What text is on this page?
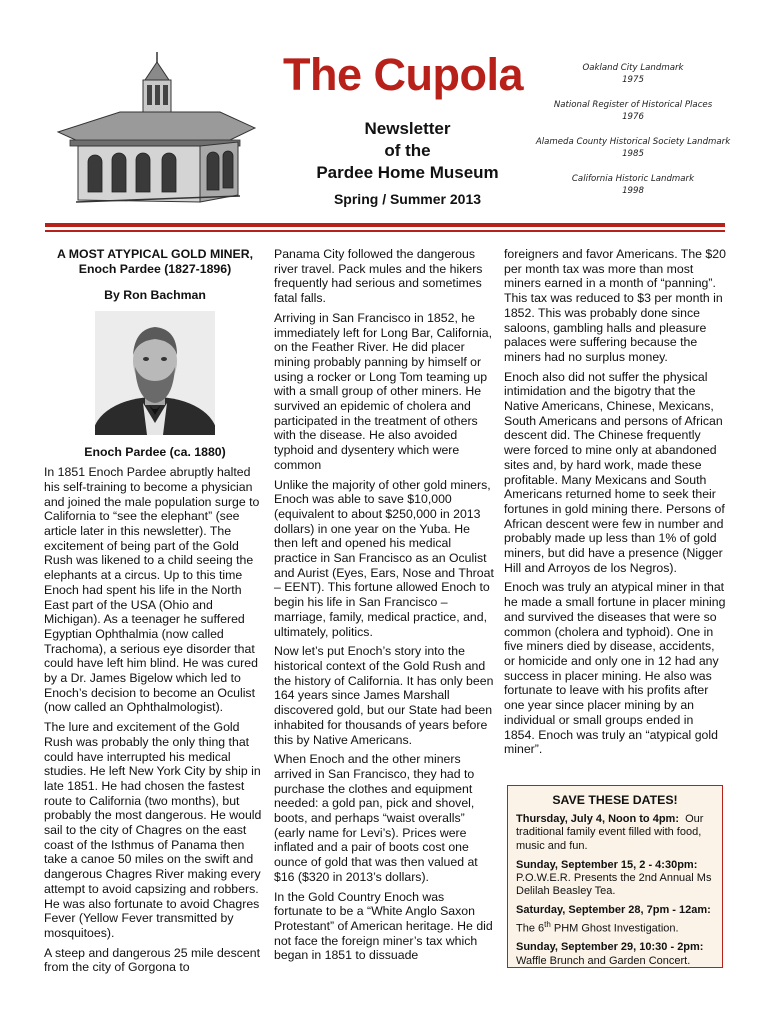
The Cupola
Newsletter
of the
Pardee Home Museum
Spring / Summer 2013
Oakland City Landmark
1975
National Register of Historical Places
1976
Alameda County Historical Society Landmark
1985
California Historic Landmark
1998
A MOST ATYPICAL GOLD MINER,
Enoch Pardee (1827-1896)
By Ron Bachman
Enoch Pardee (ca. 1880)

In 1851 Enoch Pardee abruptly halted his self-training to become a physician and joined the male population surge to California to “see the elephant” (see article later in this newsletter). The excitement of being part of the Gold Rush was likened to a child seeing the elephants at a circus. Up to this time Enoch had spent his life in the North East part of the USA (Ohio and Michigan). As a teenager he suffered Egyptian Ophthalmia (now called Trachoma), a serious eye disorder that could have left him blind. He was cured by a Dr. James Bigelow which led to Enoch’s decision to become an Oculist (now called an Ophthalmologist).

The lure and excitement of the Gold Rush was probably the only thing that could have interrupted his medical studies. He left New York City by ship in late 1851. He had chosen the fastest route to California (two months), but probably the most dangerous. He would sail to the city of Chagres on the east coast of the Isthmus of Panama then take a canoe 50 miles on the swift and dangerous Chagres River making every attempt to avoid capsizing and robbers. He was also fortunate to avoid Chagres Fever (Yellow Fever transmitted by mosquitoes).

A steep and dangerous 25 mile descent from the city of Gorgona to

Panama City followed the dangerous river travel. Pack mules and the hikers frequently had serious and sometimes fatal falls.

Arriving in San Francisco in 1852, he immediately left for Long Bar, California, on the Feather River. He did placer mining probably panning by himself or using a rocker or Long Tom teaming up with a small group of other miners. He survived an epidemic of cholera and participated in the treatment of others with the disease. He also avoided typhoid and dysentery which were common

Unlike the majority of other gold miners, Enoch was able to save $10,000 (equivalent to about $250,000 in 2013 dollars) in one year on the Yuba. He then left and opened his medical practice in San Francisco as an Oculist and Aurist (Eyes, Ears, Nose and Throat – EENT). This fortune allowed Enoch to begin his life in San Francisco – marriage, family, medical practice, and, ultimately, politics.

Now let’s put Enoch’s story into the historical context of the Gold Rush and the history of California. It has only been 164 years since James Marshall discovered gold, but our State had been inhabited for thousands of years before this by Native Americans.

When Enoch and the other miners arrived in San Francisco, they had to purchase the clothes and equipment needed: a gold pan, pick and shovel, boots, and perhaps “waist overalls” (early name for Levi’s). Prices were inflated and a pair of boots cost one ounce of gold that was then valued at $16 ($320 in 2013’s dollars).

In the Gold Country Enoch was fortunate to be a “White Anglo Saxon Protestant” of American heritage. He did not face the foreign miner’s tax which began in 1851 to dissuade

foreigners and favor Americans. The $20 per month tax was more than most miners earned in a month of “panning”. This tax was reduced to $3 per month in 1852. This was probably done since saloons, gambling halls and pleasure palaces were suffering because the miners had no surplus money.

Enoch also did not suffer the physical intimidation and the bigotry that the Native Americans, Chinese, Mexicans, South Americans and persons of African descent did. The Chinese frequently were forced to mine only at abandoned sites and, by hard work, made these profitable. Many Mexicans and South Americans returned home to seek their fortunes in gold mining there. Persons of African descent were few in number and probably made up less than 1% of gold miners, but did have a presence (Nigger Hill and Arroyos de los Negros).

Enoch was truly an atypical miner in that he made a small fortune in placer mining and survived the diseases that were so common (cholera and typhoid). One in five miners died by disease, accidents, or homicide and only one in 12 had any success in placer mining. He also was fortunate to leave with his profits after one year since placer mining by an individual or small groups ended in 1854. Enoch was truly an “atypical gold miner”.

SAVE THESE DATES!
Thursday, July 4, Noon to 4pm: Our traditional family event filled with food, music and fun.
Sunday, September 15, 2 - 4:30pm:
P.O.W.E.R. Presents the 2nd Annual Ms Delilah Beasley Tea.
Saturday, September 28, 7pm - 12am:
The 6th PHM Ghost Investigation.
Sunday, September 29, 10:30 - 2pm:
Waffle Brunch and Garden Concert.
